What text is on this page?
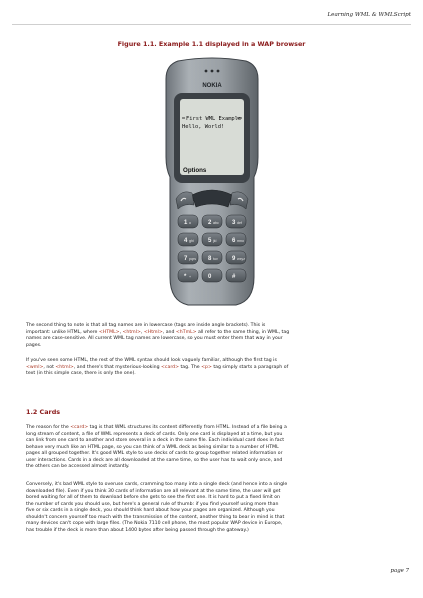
Learning WML & WMLScript
Figure 1.1. Example 1.1 displayed in a WAP browser
NOKIA
First WML Example
Hello, World!
Options
1 o	2 abc 3 def
4 ghi 5 jkl	6 mno
7 pqrs 8 tuv 9 wxyz
* +	0	#

The second thing to note is that all tag names are in lowercase (tags are inside angle brackets). This is
important: unlike HTML, where <HTML>, <html>, <Html>, and <hTmL> all refer to the same thing, in WML, tag
names are case-sensitive. All current WML tag names are lowercase, so you must enter them that way in your
pages.

If you've seen some HTML, the rest of the WML syntax should look vaguely familiar, although the first tag is
<wml>, not <html>, and there's that mysterious-looking <card> tag. The <p> tag simply starts a paragraph of
text (in this simple case, there is only the one).

1.2 Cards

The reason for the <card> tag is that WML structures its content differently from HTML. Instead of a file being a
long stream of content, a file of WML represents a deck of cards. Only one card is displayed at a time, but you
can link from one card to another and store several in a deck in the same file. Each individual card does in fact
behave very much like an HTML page, so you can think of a WML deck as being similar to a number of HTML
pages all grouped together. It's good WML style to use decks of cards to group together related information or
user interactions. Cards in a deck are all downloaded at the same time, so the user has to wait only once, and
the others can be accessed almost instantly.

Conversely, it's bad WML style to overuse cards, cramming too many into a single deck (and hence into a single
downloaded file). Even if you think 30 cards of information are all relevant at the same time, the user will get
bored waiting for all of them to download before she gets to see the first one. It is hard to put a fixed limit on
the number of cards you should use, but here's a general rule of thumb: if you find yourself using more than
five or six cards in a single deck, you should think hard about how your pages are organized. Although you
shouldn't concern yourself too much with the transmission of the content, another thing to bear in mind is that
many devices can't cope with large files. (The Nokia 7110 cell phone, the most popular WAP device in Europe,
has trouble if the deck is more than about 1400 bytes after being passed through the gateway.)

page 7
